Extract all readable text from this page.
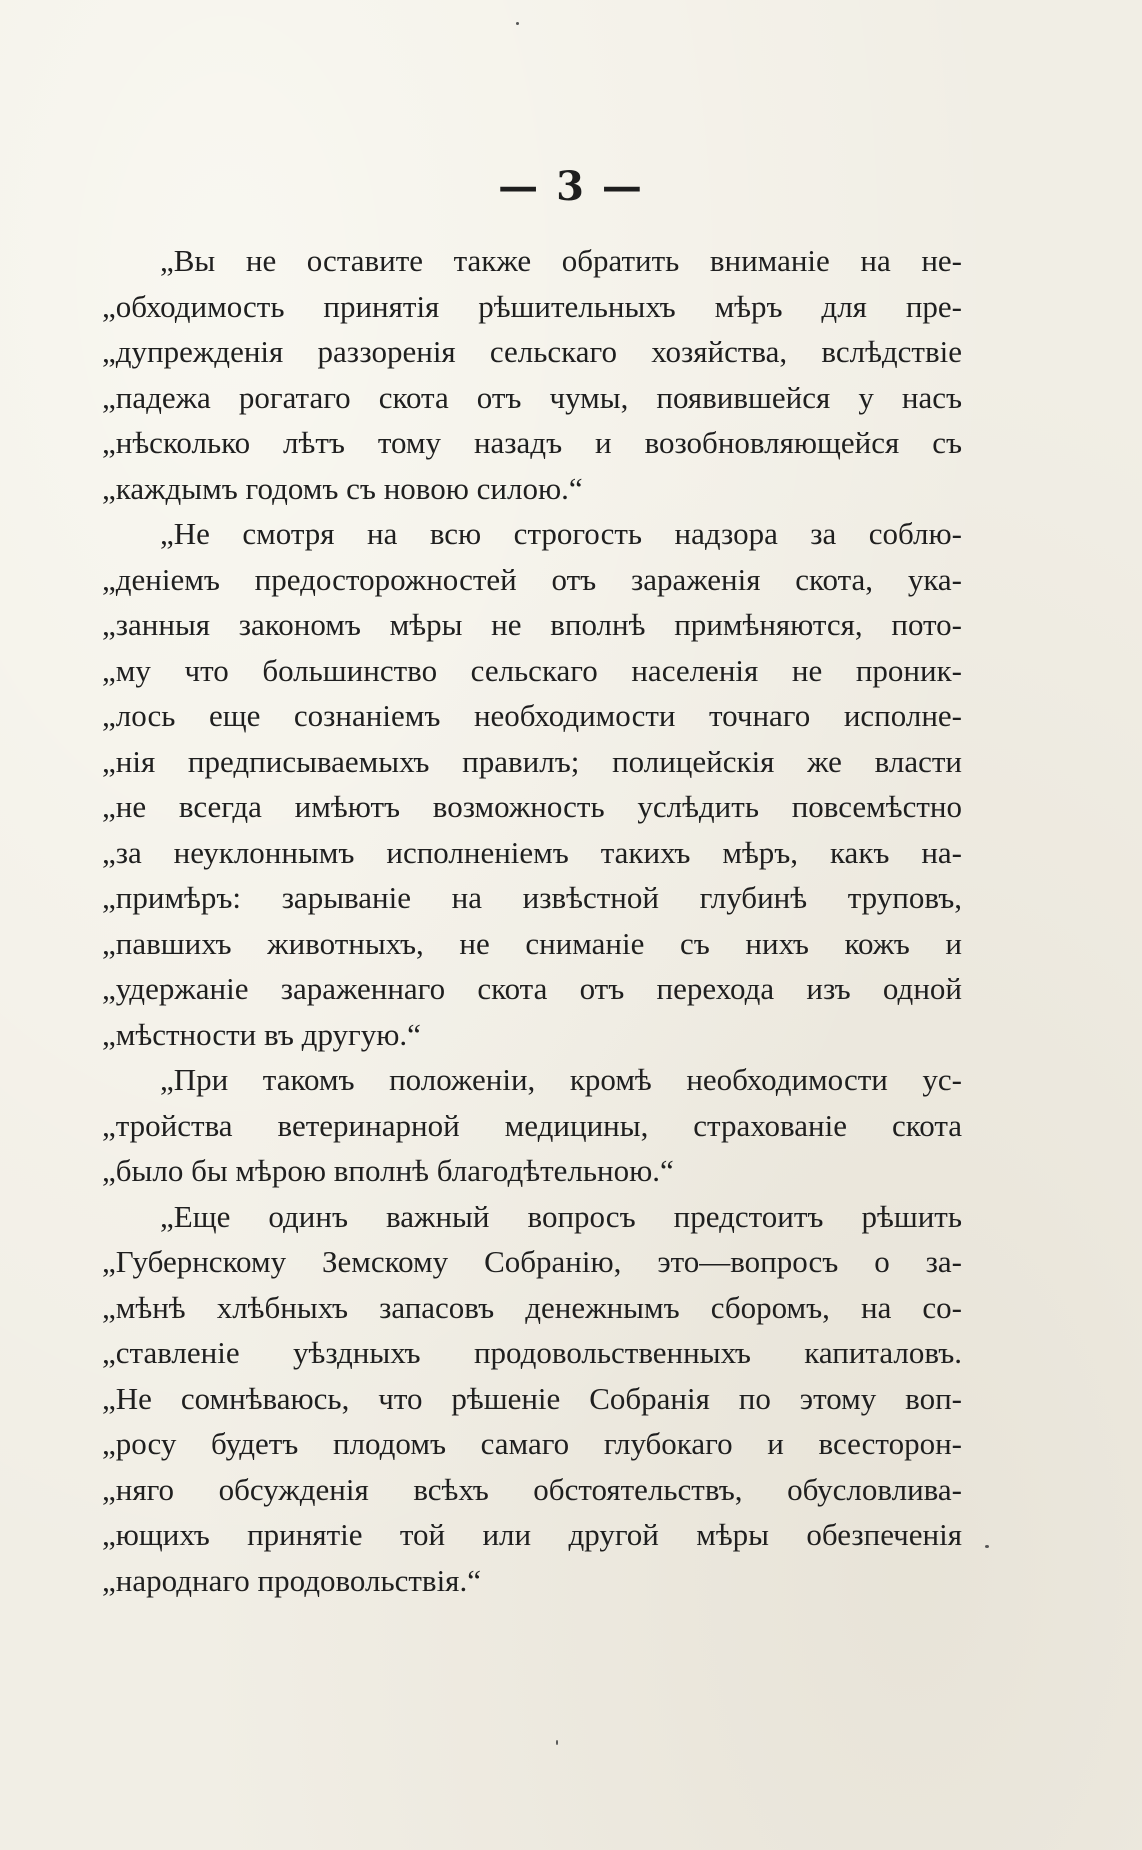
— 3 —
„Вы не оставите также обратить вниманіе на не-
„обходимость принятія рѣшительныхъ мѣръ для пре-
„дупрежденія раззоренія сельскаго хозяйства, вслѣдствіе
„падежа рогатаго скота отъ чумы, появившейся у насъ
„нѣсколько лѣтъ тому назадъ и возобновляющейся съ
„каждымъ годомъ съ новою силою.“
„Не смотря на всю строгость надзора за соблю-
„деніемъ предосторожностей отъ зараженія скота, ука-
„занныя закономъ мѣры не вполнѣ примѣняются, пото-
„му что большинство сельскаго населенія не проник-
„лось еще сознаніемъ необходимости точнаго исполне-
„нія предписываемыхъ правилъ; полицейскія же власти
„не всегда имѣютъ возможность услѣдить повсемѣстно
„за неуклоннымъ исполненіемъ такихъ мѣръ, какъ на-
„примѣръ: зарываніе на извѣстной глубинѣ труповъ,
„павшихъ животныхъ, не сниманіе съ нихъ кожъ и
„удержаніе зараженнаго скота отъ перехода изъ одной
„мѣстности въ другую.“
„При такомъ положеніи, кромѣ необходимости ус-
„тройства ветеринарной медицины, страхованіе скота
„было бы мѣрою вполнѣ благодѣтельною.“
„Еще одинъ важный вопросъ предстоитъ рѣшить
„Губернскому Земскому Собранію, это—вопросъ о за-
„мѣнѣ хлѣбныхъ запасовъ денежнымъ сборомъ, на со-
„ставленіе уѣздныхъ продовольственныхъ капиталовъ.
„Не сомнѣваюсь, что рѣшеніе Собранія по этому воп-
„росу будетъ плодомъ самаго глубокаго и всесторон-
„няго обсужденія всѣхъ обстоятельствъ, обусловлива-
„ющихъ принятіе той или другой мѣры обезпеченія
„народнаго продовольствія.“
